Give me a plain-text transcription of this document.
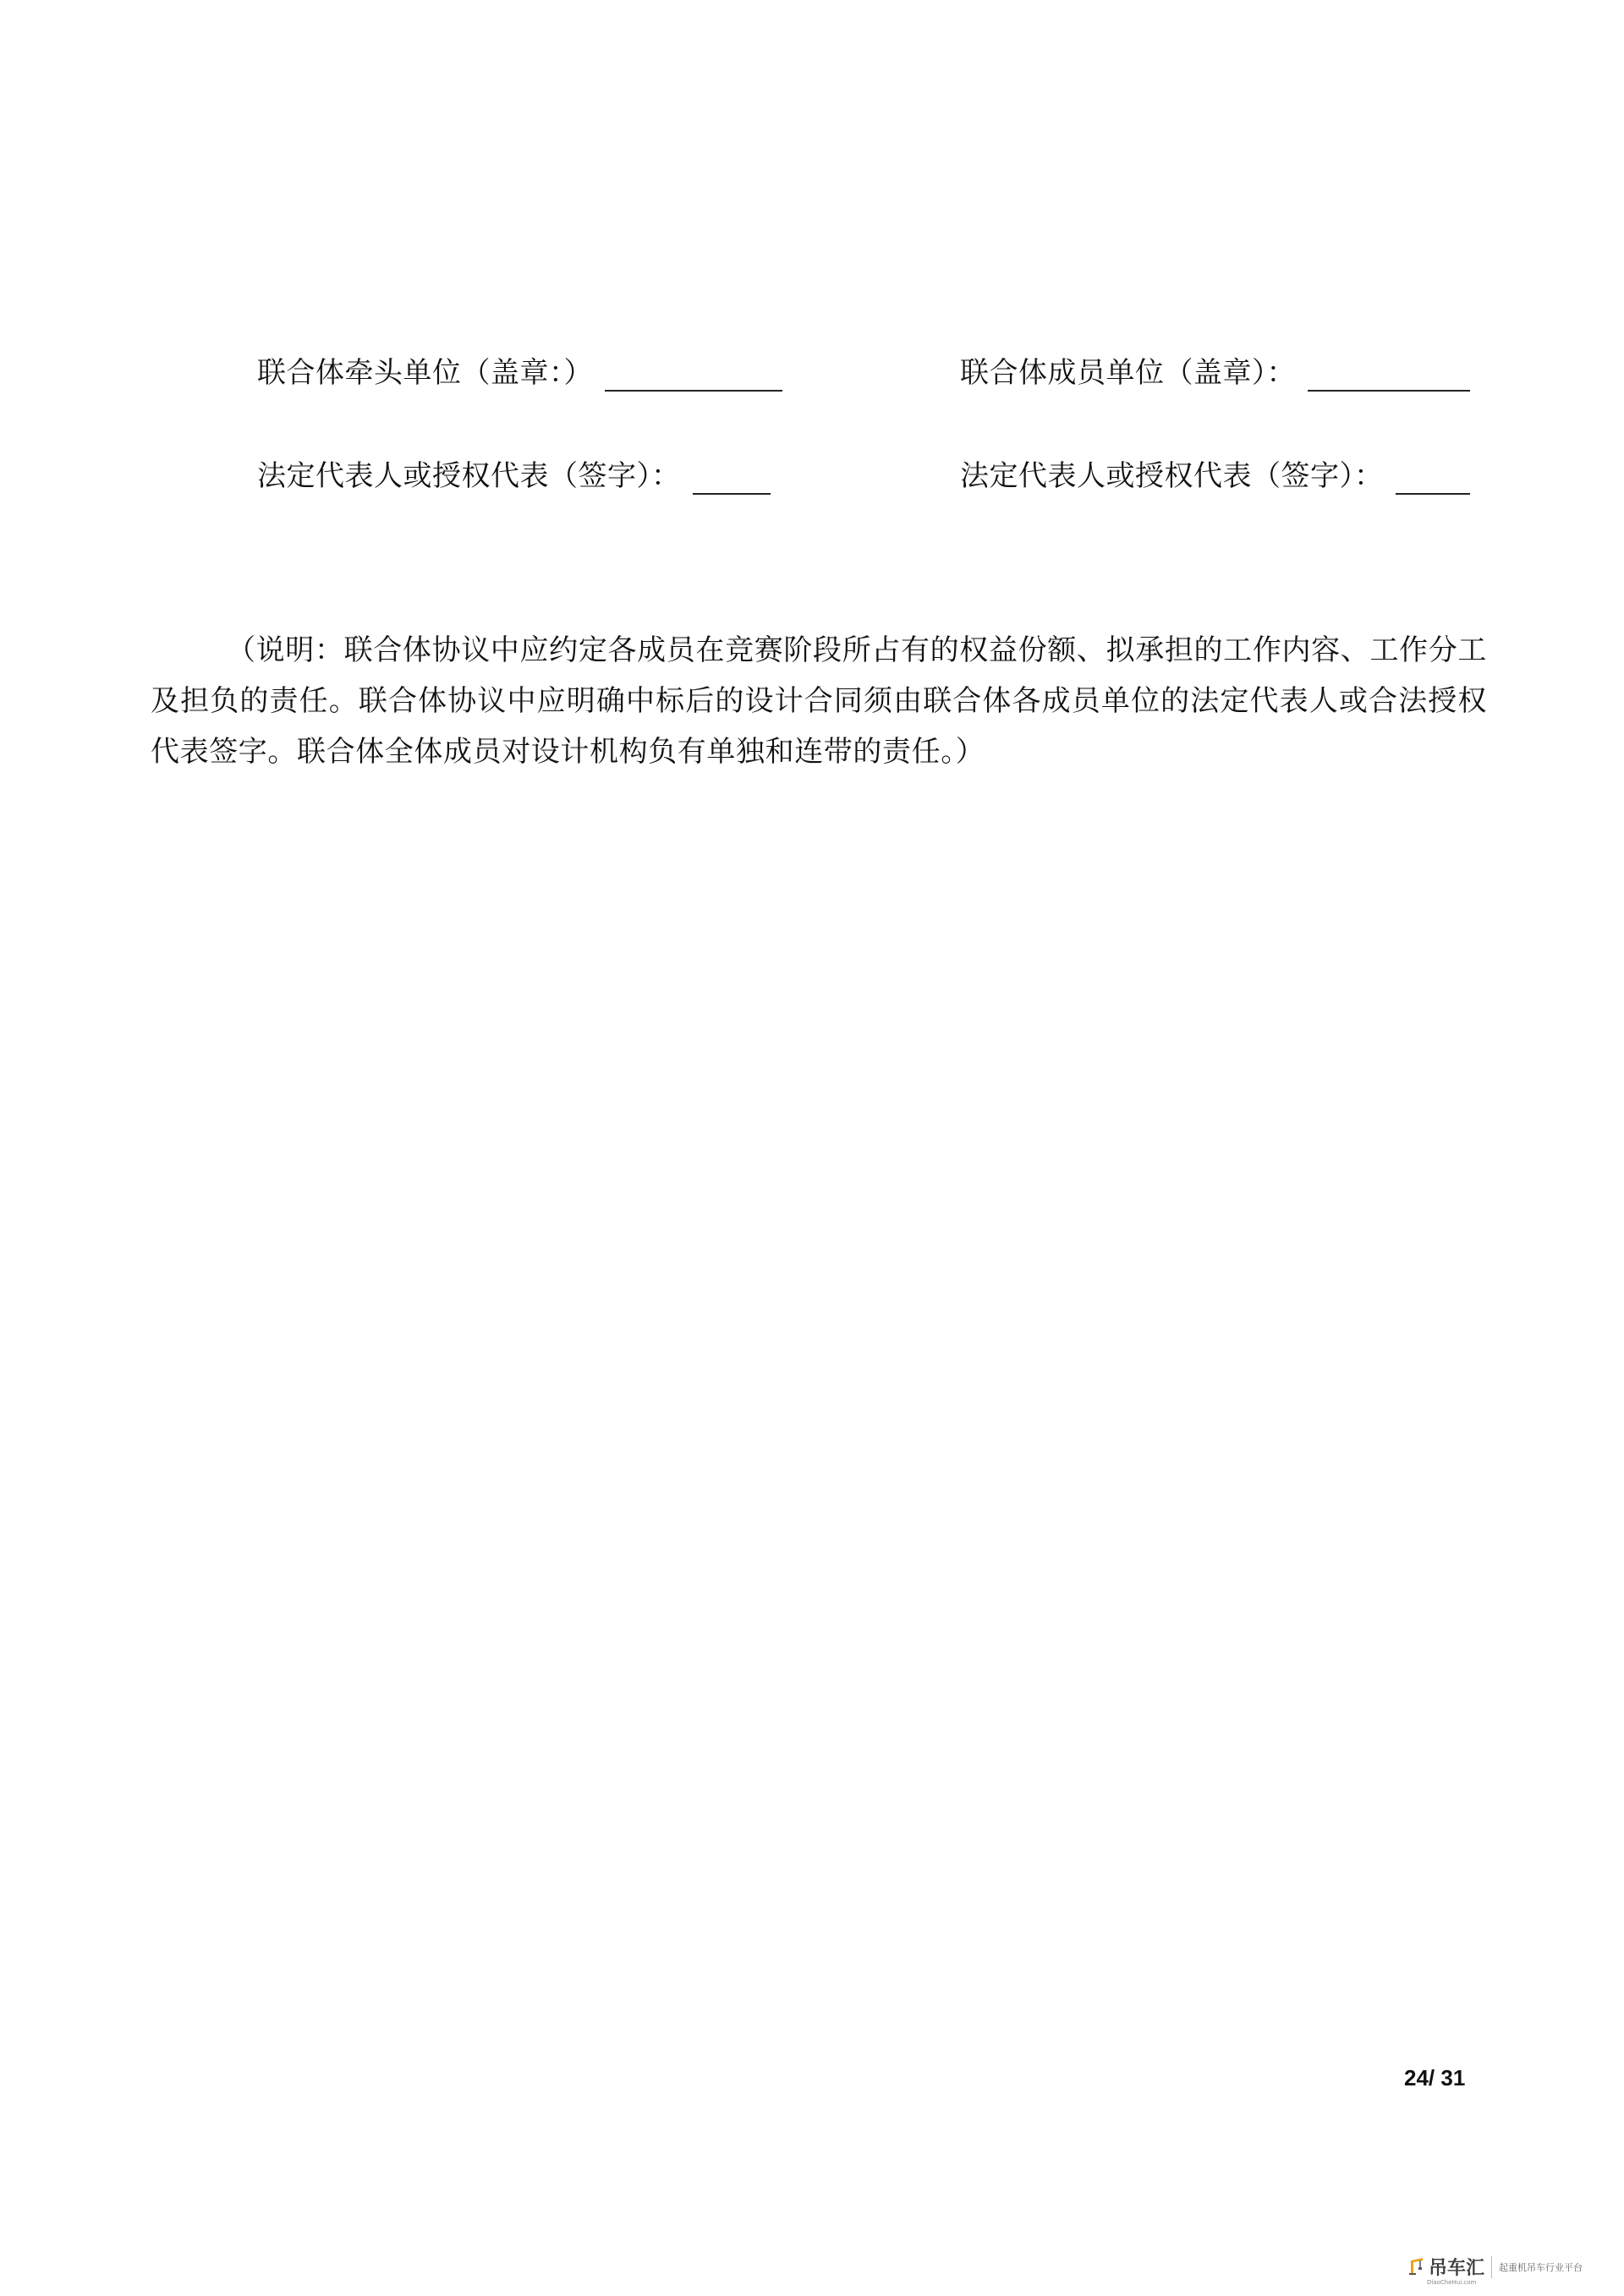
联合体牵头单位（盖章：）	联合体成员单位（盖章）：
法定代表人或授权代表（签字）：	法定代表人或授权代表（签字）：

（说明：联合体协议中应约定各成员在竞赛阶段所占有的权益份额、拟承担的工作内容、工作分工及担负的责任。联合体协议中应明确中标后的设计合同须由联合体各成员单位的法定代表人或合法授权代表签字。联合体全体成员对设计机构负有单独和连带的责任。）

24/ 31
吊车汇
DiaoCheHui.com
起重机吊车行业平台
